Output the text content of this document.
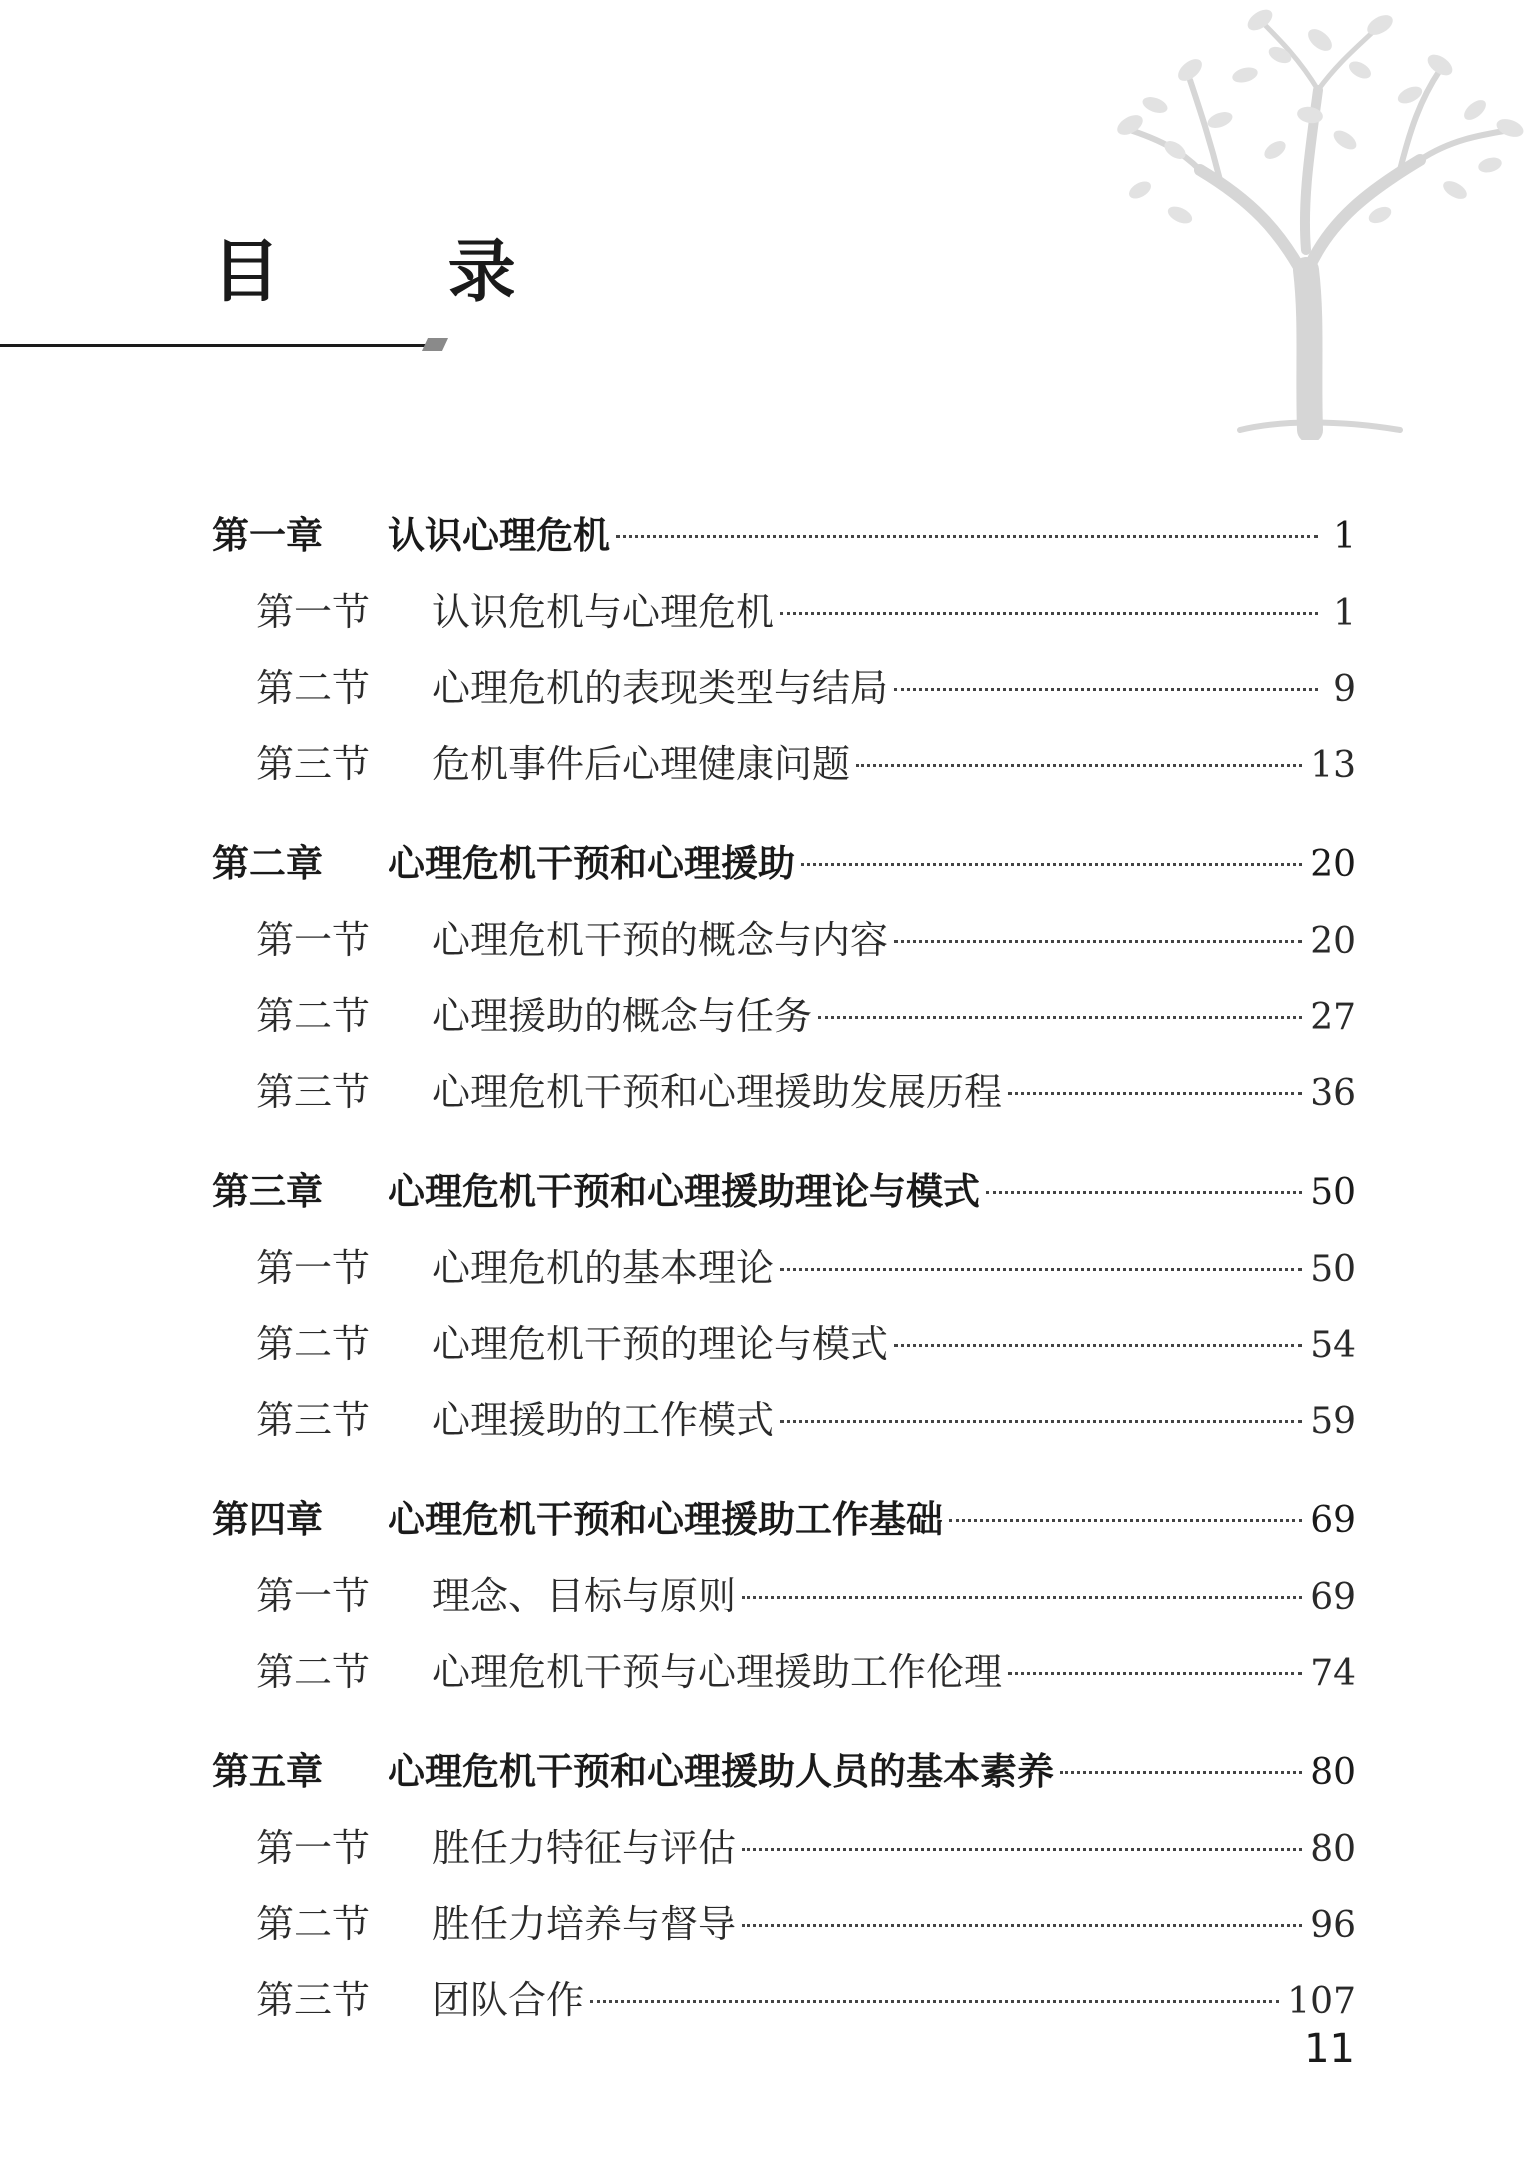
目 录
第一章	认识心理危机	1
第一节	认识危机与心理危机	1
第二节	心理危机的表现类型与结局	9
第三节	危机事件后心理健康问题	13
第二章	心理危机干预和心理援助	20
第一节	心理危机干预的概念与内容	20
第二节	心理援助的概念与任务	27
第三节	心理危机干预和心理援助发展历程	36
第三章	心理危机干预和心理援助理论与模式	50
第一节	心理危机的基本理论	50
第二节	心理危机干预的理论与模式	54
第三节	心理援助的工作模式	59
第四章	心理危机干预和心理援助工作基础	69
第一节	理念、目标与原则	69
第二节	心理危机干预与心理援助工作伦理	74
第五章	心理危机干预和心理援助人员的基本素养	80
第一节	胜任力特征与评估	80
第二节	胜任力培养与督导	96
第三节	团队合作	107
11
